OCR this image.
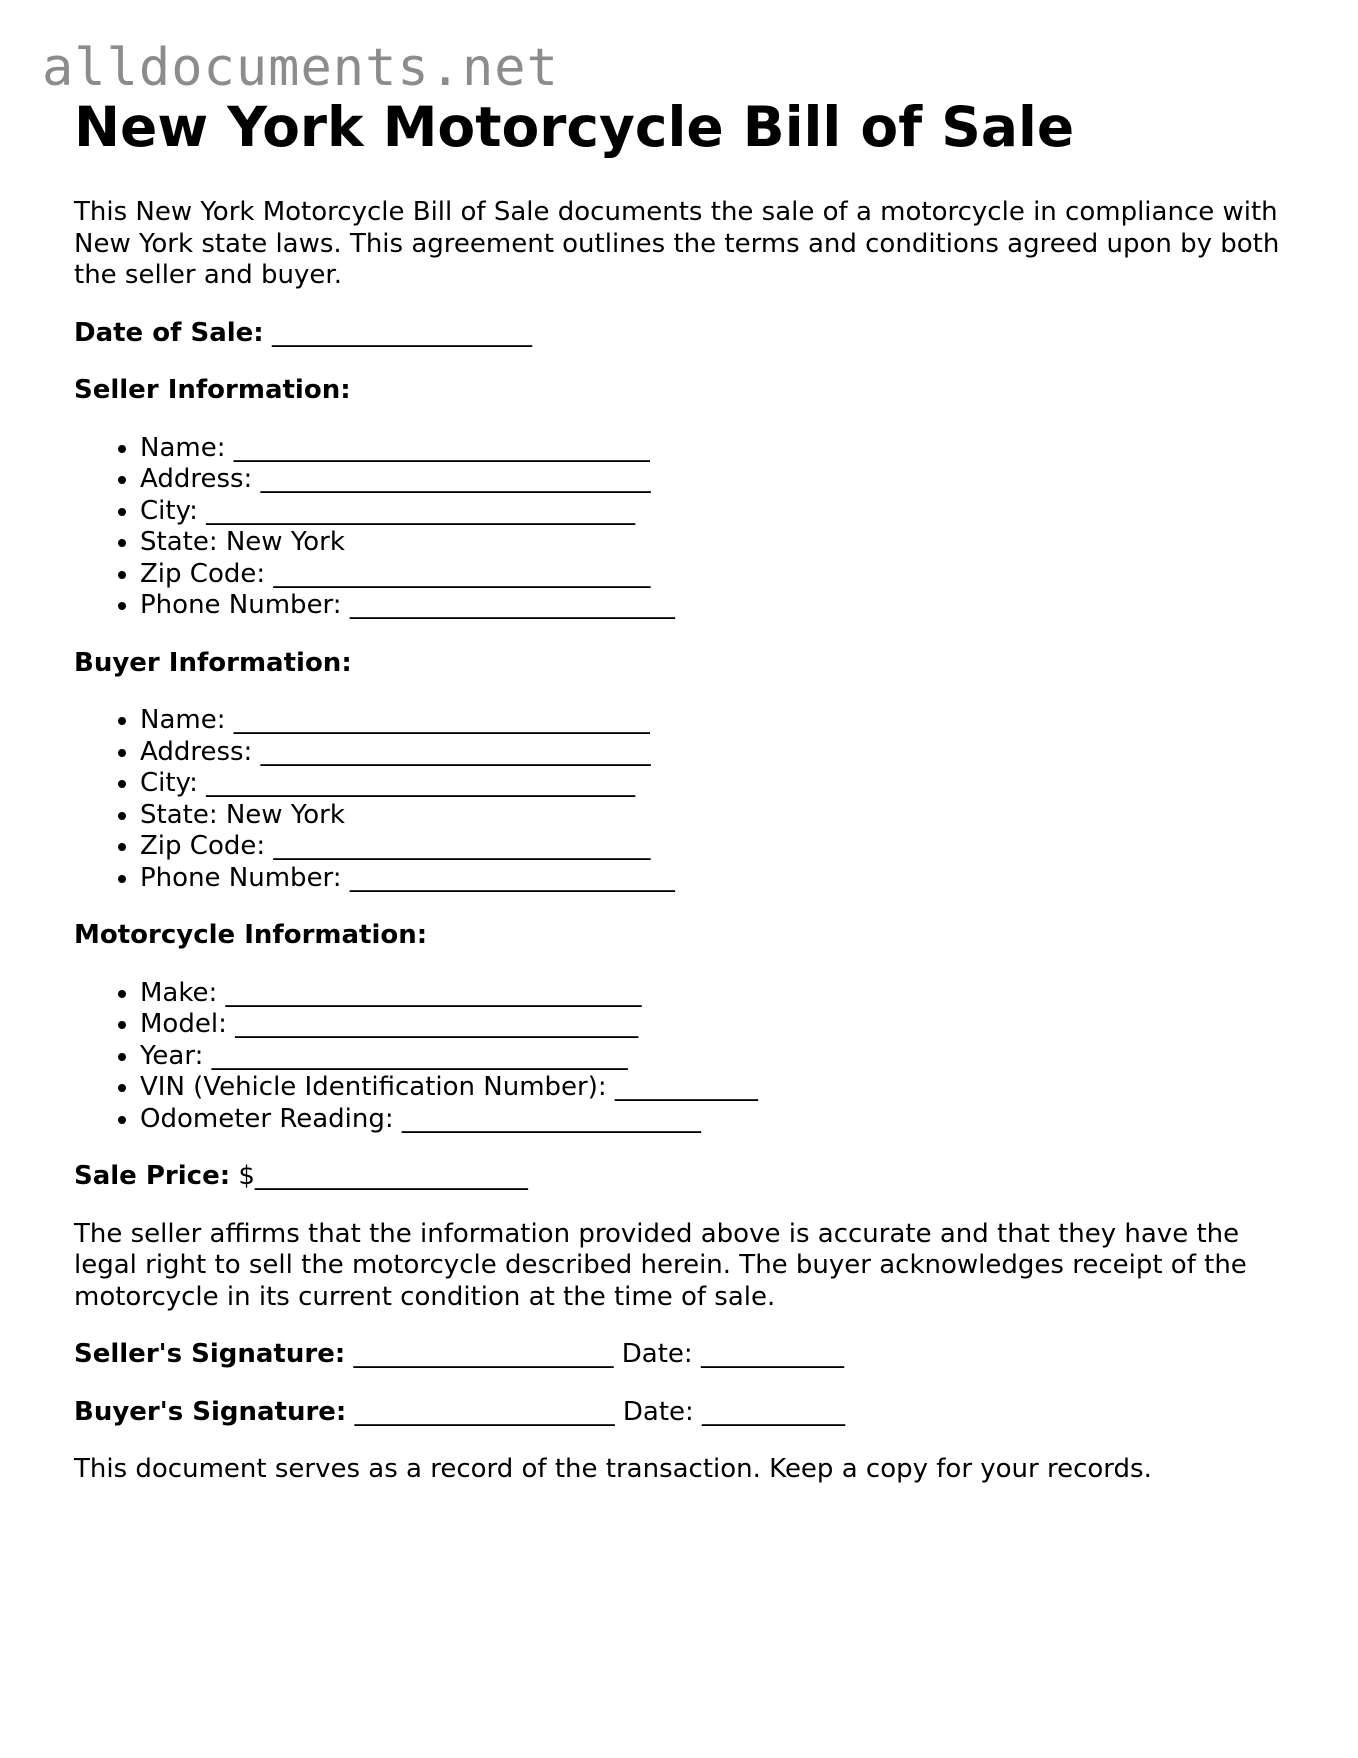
alldocuments.net
New York Motorcycle Bill of Sale

This New York Motorcycle Bill of Sale documents the sale of a motorcycle in compliance with New York state laws. This agreement outlines the terms and conditions agreed upon by both the seller and buyer.

Date of Sale: ____________________

Seller Information:

• Name: ________________________________
• Address: ______________________________
• City: _________________________________
• State: New York
• Zip Code: _____________________________
• Phone Number: _________________________

Buyer Information:

• Name: ________________________________
• Address: ______________________________
• City: _________________________________
• State: New York
• Zip Code: _____________________________
• Phone Number: _________________________

Motorcycle Information:

• Make: ________________________________
• Model: _______________________________
• Year: ________________________________
• VIN (Vehicle Identification Number): ___________
• Odometer Reading: _______________________

Sale Price: $_____________________

The seller affirms that the information provided above is accurate and that they have the legal right to sell the motorcycle described herein. The buyer acknowledges receipt of the motorcycle in its current condition at the time of sale.

Seller's Signature: ____________________ Date: ___________

Buyer's Signature: ____________________ Date: ___________

This document serves as a record of the transaction. Keep a copy for your records.
